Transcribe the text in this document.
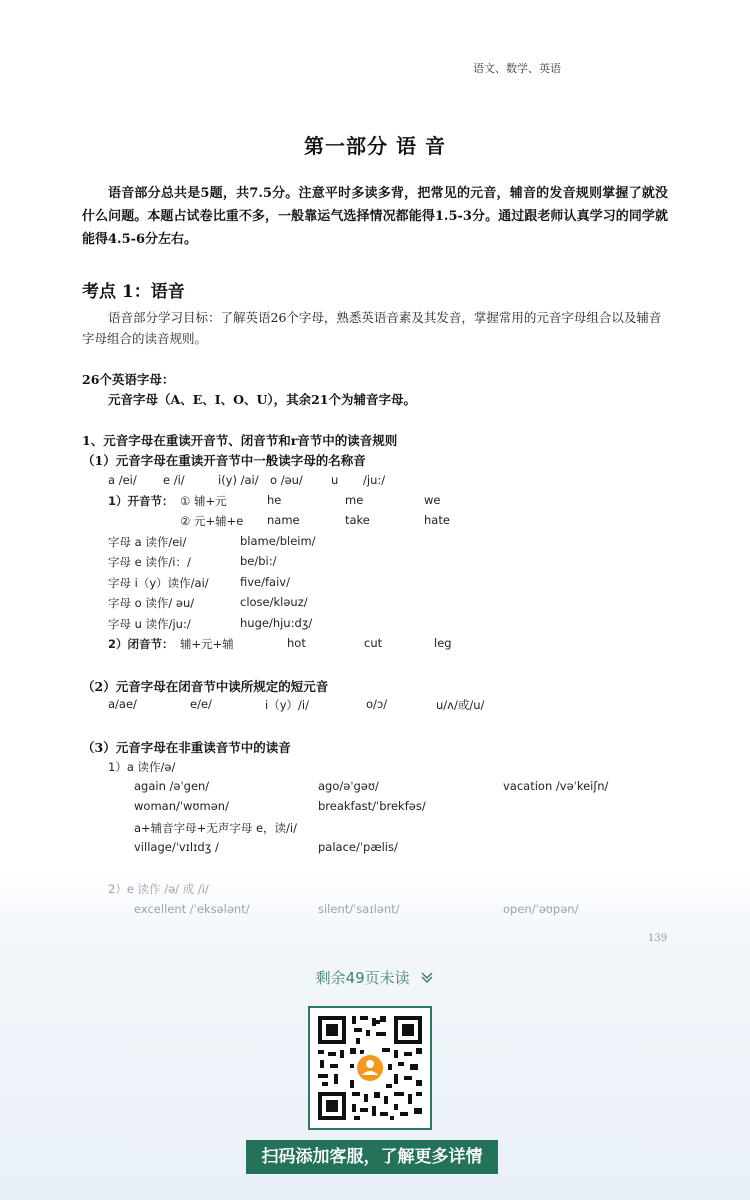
语文、数学、英语
第一部分 语 音
语音部分总共是5题，共7.5分。注意平时多读多背，把常见的元音，辅音的发音规则掌握了就没什么问题。本题占试卷比重不多，一般靠运气选择情况都能得1.5-3分。通过跟老师认真学习的同学就能得4.5-6分左右。
考点 1：语音
语音部分学习目标：了解英语26个字母，熟悉英语音素及其发音，掌握常用的元音字母组合以及辅音字母组合的读音规则。
26个英语字母：
元音字母（A、E、I、O、U），其余21个为辅音字母。
1、元音字母在重读开音节、闭音节和r音节中的读音规则
（1）元音字母在重读开音节中一般读字母的名称音
a /ei/ e /i/	i(y) /ai/ o /əu/ u /ju:/
1）开音节： ① 辅+元	he	me	we
② 元+辅+e name	take	hate
字母 a 读作/ei/	blame/bleim/
字母 e 读作/i：/	be/bi:/
字母 i（y）读作/ai/	five/faiv/
字母 o 读作/ əu/	close/kləuz/
字母 u 读作/ju:/	huge/hju:dʒ/
2）闭音节： 辅+元+辅	hot	cut	leg
（2）元音字母在闭音节中读所规定的短元音
a/ae/	e/e/	i（y）/i/	o/ɔ/	u/ʌ/或/u/
（3）元音字母在非重读音节中的读音
1）a 读作/ə/
again /əˈgen/	ago/əˈgəʊ/	vacation /vəˈkeiʃn/
woman/ˈwʊmən/	breakfast/ˈbrekfəs/
a+辅音字母+无声字母 e，读/i/
village/ˈvɪlɪdʒ /	palace/ˈpælis/
2）e 读作 /ə/ 或 /i/
excellent /ˈeksələnt/	silent/ˈsaɪlənt/	open/ˈəʊpən/
139
剩余49页未读
扫码添加客服，了解更多详情
